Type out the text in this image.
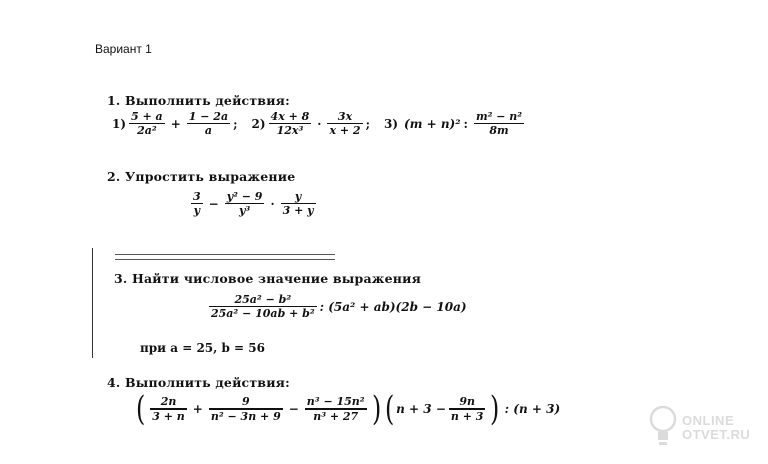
Вариант 1
1. Выполнить действия:
$1) \frac{5 + a}{\text{2a²}} + \frac{1 - 2a}{a}$ ; $2) \frac{4x + 8}{\text{12x³}} \cdot \frac{3x}{x + 2}$ ; 3) (m + n)² : $\frac{\text{m² − n²}}{8m}$
2. Упростить выражение
$\frac{3}{y} - \frac{\text{y² − 9}}{\text{y³}} \cdot \frac{y}{3 + y}$
3. Найти числовое значение выражения
$\frac{\text{25a² − b²}}{\text{25a² − 10ab + b²}}$ : (5a² + ab)(2b − 10a)
при a = 25, b = 56
4. Выполнить действия:
( $\frac{2n}{3 + n} + \frac{9}{\text{n² − 3n + 9}} - \frac{\text{n³ − 15n²}}{\text{n³ + 27}}$ ) ( $n + 3 - \frac{9n}{n + 3}$ ) : (n + 3)
ONLINE
OTVET.RU
